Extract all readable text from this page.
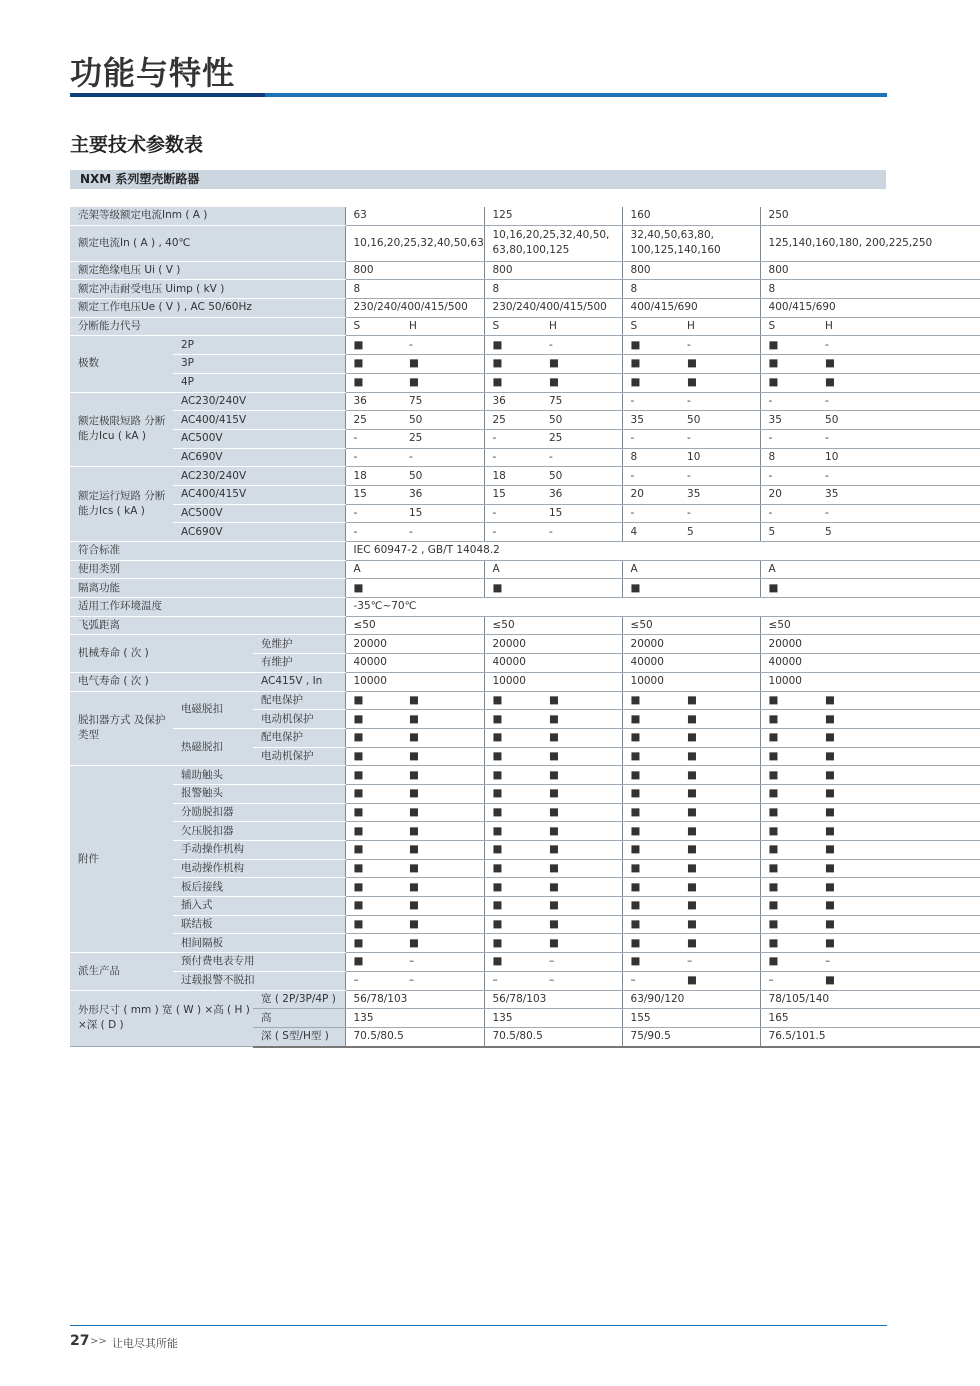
功能与特性
主要技术参数表
NXM 系列塑壳断路器
壳架等级额定电流Inm ( A )			63		125		160		250	
额定电流In ( A ) , 40℃			10,16,20,25,32,40,50,63		10,16,20,25,32,40,50, 63,80,100,125		32,40,50,63,80, 100,125,140,160		125,140,160,180, 200,225,250	
额定绝缘电压 Ui ( V )			800		800		800		800	
额定冲击耐受电压 Uimp ( kV )			8		8		8		8	
额定工作电压Ue ( V ) , AC 50/60Hz			230/240/400/415/500		230/240/400/415/500		400/415/690		400/415/690	
分断能力代号			S	H	S	H	S	H	S	H
极数	2P		■	-	■	-	■	-	■	-
	3P		■	■	■	■	■	■	■	■
	4P		■	■	■	■	■	■	■	■
额定极限短路 分断能力Icu ( kA )	AC230/240V		36	75	36	75	-	-	-	-
	AC400/415V		25	50	25	50	35	50	35	50
	AC500V		-	25	-	25	-	-	-	-
	AC690V		-	-	-	-	8	10	8	10
额定运行短路 分断能力Ics ( kA )	AC230/240V		18	50	18	50	-	-	-	-
	AC400/415V		15	36	15	36	20	35	20	35
	AC500V		-	15	-	15	-	-	-	-
	AC690V		-	-	-	-	4	5	5	5
符合标准			IEC 60947-2 , GB/T 14048.2							
使用类别			A		A		A		A	
隔离功能			■		■		■		■	
适用工作环境温度			-35℃~70℃							
飞弧距离			≤50		≤50		≤50		≤50	
机械寿命 ( 次 )		免维护	20000		20000		20000		20000	
		有维护	40000		40000		40000		40000	
电气寿命 ( 次 )		AC415V , In	10000		10000		10000		10000	
脱扣器方式 及保护类型	电磁脱扣	配电保护	■	■	■	■	■	■	■	■
		电动机保护	■	■	■	■	■	■	■	■
	热磁脱扣	配电保护	■	■	■	■	■	■	■	■
		电动机保护	■	■	■	■	■	■	■	■
附件	辅助触头		■	■	■	■	■	■	■	■
	报警触头		■	■	■	■	■	■	■	■
	分励脱扣器		■	■	■	■	■	■	■	■
	欠压脱扣器		■	■	■	■	■	■	■	■
	手动操作机构		■	■	■	■	■	■	■	■
	电动操作机构		■	■	■	■	■	■	■	■
	板后接线		■	■	■	■	■	■	■	■
	插入式		■	■	■	■	■	■	■	■
	联结板		■	■	■	■	■	■	■	■
	相间隔板		■	■	■	■	■	■	■	■
派生产品	预付费电表专用		■	–	■	–	■	–	■	–
	过载报警不脱扣		–	–	–	–	–	■	–	■
外形尺寸 ( mm ) 宽 ( W ) ×高 ( H ) ×深 ( D )		宽 ( 2P/3P/4P )	56/78/103		56/78/103		63/90/120		78/105/140	
		高	135		135		155		165	
		深 ( S型/H型 )	70.5/80.5		70.5/80.5		75/90.5		76.5/101.5	
27 >> 让电尽其所能
